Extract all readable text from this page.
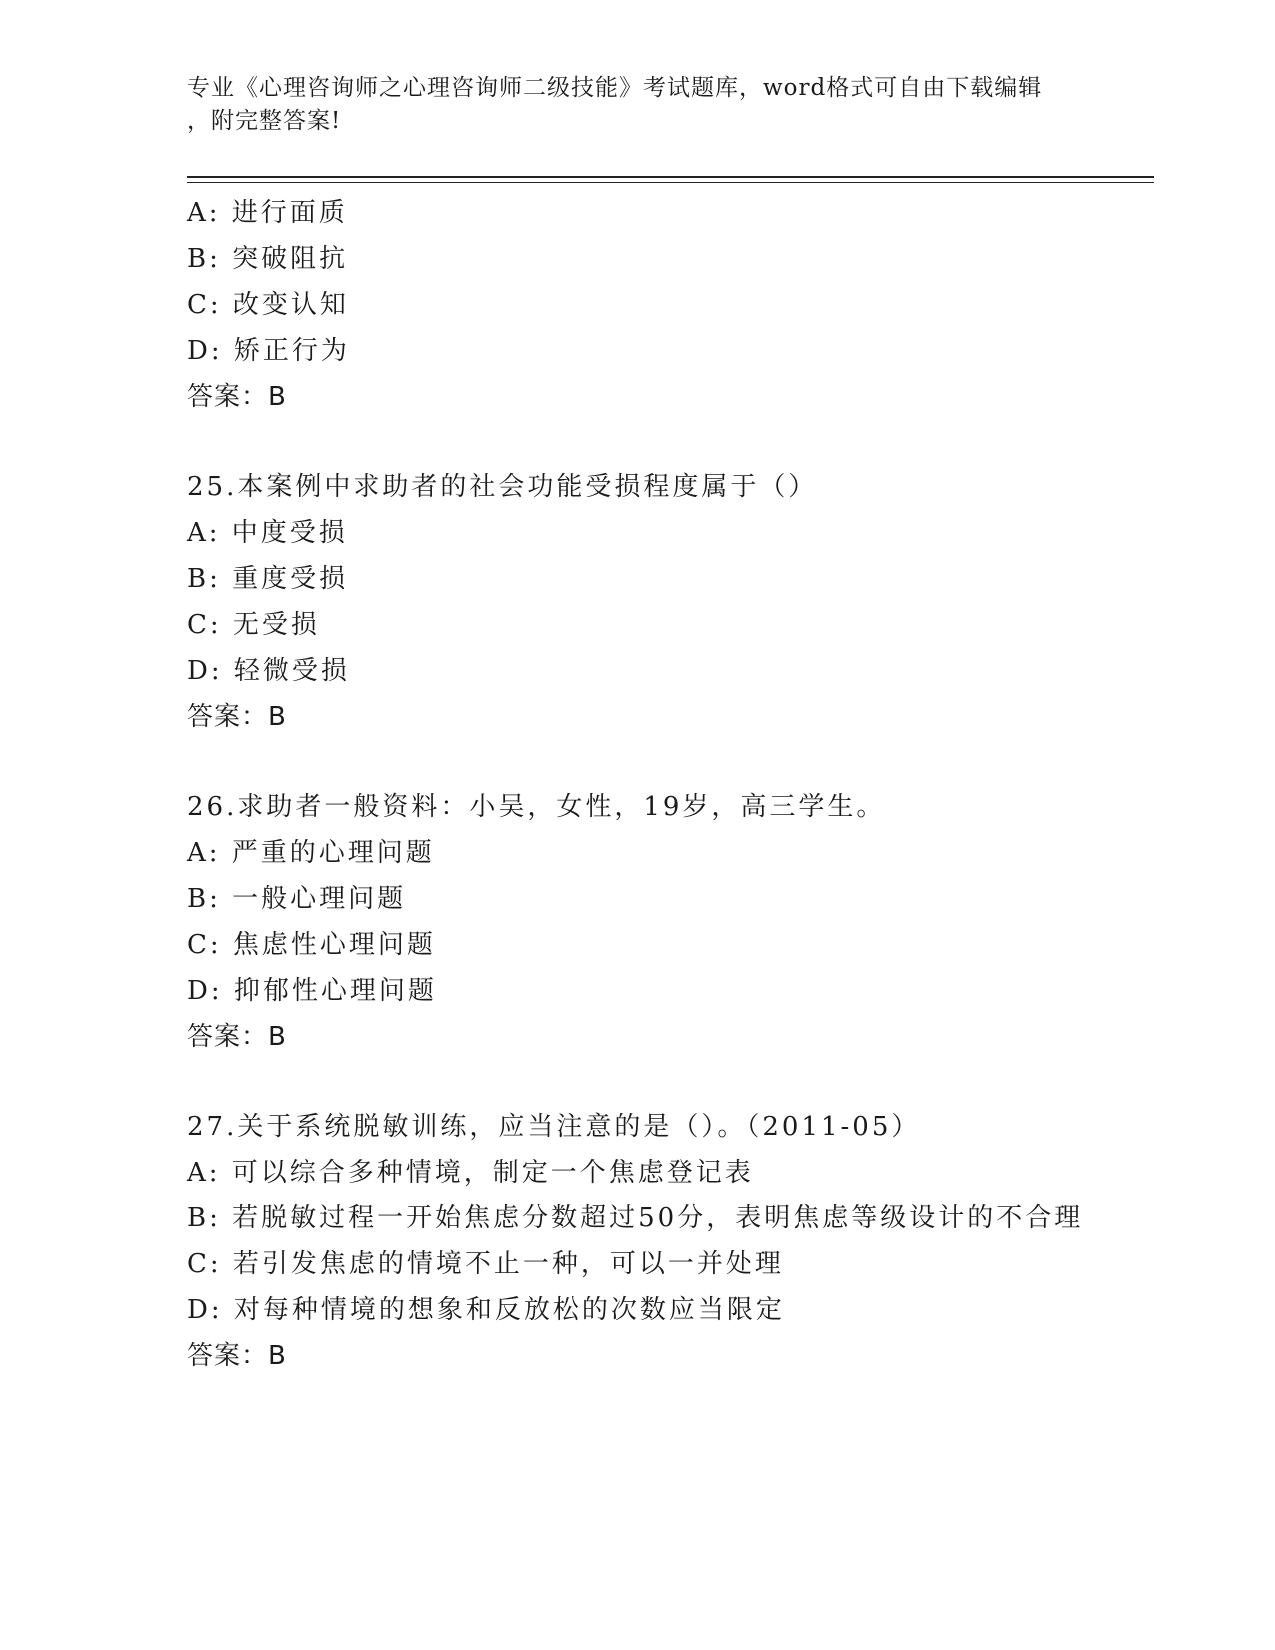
专业《心理咨询师之心理咨询师二级技能》考试题库，word格式可自由下载编辑
，附完整答案!
A: 进行面质
B: 突破阻抗
C: 改变认知
D: 矫正行为
答案：B
25.本案例中求助者的社会功能受损程度属于（）
A: 中度受损
B: 重度受损
C: 无受损
D: 轻微受损
答案：B
26.求助者一般资料：小吴，女性，19岁，高三学生。
A: 严重的心理问题
B: 一般心理问题
C: 焦虑性心理问题
D: 抑郁性心理问题
答案：B
27.关于系统脱敏训练，应当注意的是（）。（2011-05）
A: 可以综合多种情境，制定一个焦虑登记表
B: 若脱敏过程一开始焦虑分数超过50分，表明焦虑等级设计的不合理
C: 若引发焦虑的情境不止一种，可以一并处理
D: 对每种情境的想象和反放松的次数应当限定
答案：B
